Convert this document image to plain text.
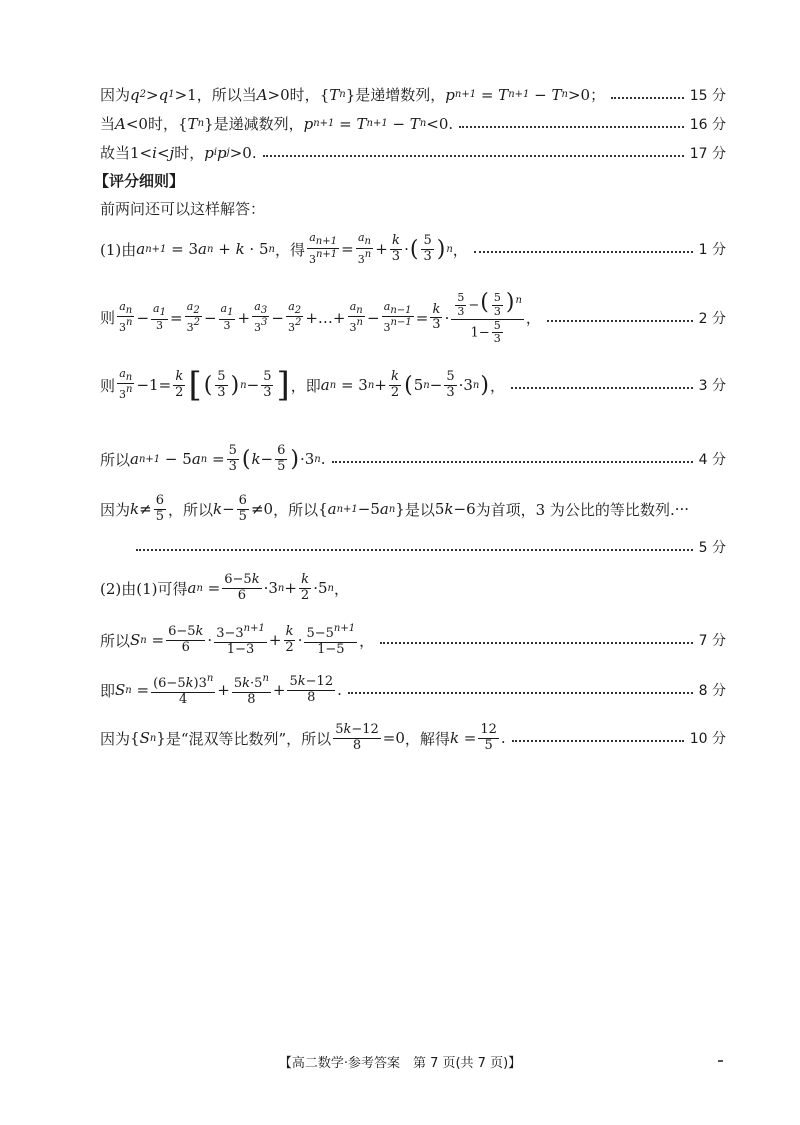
因为 q 2 > q 1 >1 ，所以当 A >0 时， { T n } 是递增数列， p n+1 = T n+1 − T n >0 ；	15 分
当 A <0 时， { T n } 是递减数列， p n+1 = T n+1 − T n <0.	16 分
故当 1< i < j 时， p i p j >0.	17 分
【评分细则】
前两问还可以这样解答：
(1)由 a n+1 = 3 a n + k · 5 n ，得 $\frac{a_{n+1}}{3^{n+1}} = \frac{a_n}{3^n} + \frac{k}{3}$ · ( $\frac{5}{3}$ ) n ，	1 分
则 $\frac{a_n}{3^n} - \frac{a_1}{3} = \frac{a_2}{3^2} - \frac{a_1}{3} + \frac{a_3}{3^3} - \frac{a_2}{3^2}$ +…+ $\frac{a_n}{3^n} - \frac{a_{n-1}}{3^{n-1}} = \frac{k}{3} \cdot \frac{\frac{5}{3} -( \frac{5}{3} )^n}{1- \frac{5}{3}}$ ，	2 分
则 $\frac{a_n}{3^n} -1= \frac{k}{2}$ [ ( $\frac{5}{3}$ ) $n - \frac{5}{3}$ ] ，即 a n = 3 $n + \frac{k}{2}$ ( 5 $n - \frac{5}{3} \cdot 3$ n ) ，	3 分
所以 a n+1 − 5 a $n = \frac{5}{3}$ ( $k - \frac{6}{5}$ ) ·3 n .	4 分
因为 $k \ne \frac{6}{5}$ ，所以 $k - \frac{6}{5} \ne 0$ ，所以 { a n+1 −5 a n } 是以 5 k −6 为首项，3 为公比的等比数列. ···
5 分
(2)由(1)可得 a $n = \frac{6-5k}{6} \cdot 3$ $n + \frac{k}{2} \cdot 5$ n ，
所以 S $n = \frac{6-5k}{6} \cdot \frac{3-3^{n+1}}{1-3} + \frac{k}{2} \cdot \frac{5-5^{n+1}}{1-5}$ ，	7 分
即 S $n = \frac{(6-5k)3^n}{4} + \frac{5k\cdot 5^n}{8} + \frac{5k-12}{8}$ .	8 分
因为 { S n } 是“混双等比数列”，所以 $\frac{5k-12}{8} =0$ ，解得 $k = \frac{12}{5}$ .	10 分
【高二数学·参考答案　第 7 页(共 7 页)】
